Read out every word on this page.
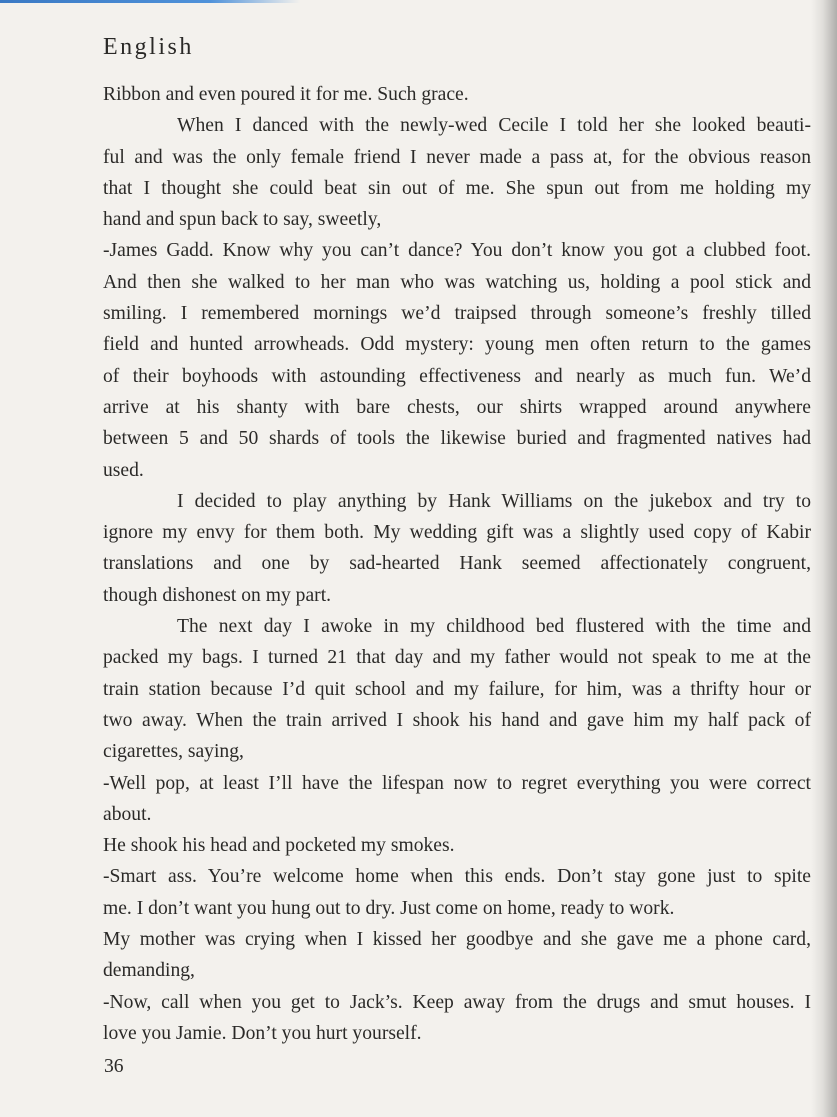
English
Ribbon and even poured it for me. Such grace.
When I danced with the newly-wed Cecile I told her she looked beauti-
ful and was the only female friend I never made a pass at, for the obvious reason
that I thought she could beat sin out of me. She spun out from me holding my
hand and spun back to say, sweetly,
-James Gadd. Know why you can’t dance? You don’t know you got a clubbed foot.
And then she walked to her man who was watching us, holding a pool stick and
smiling. I remembered mornings we’d traipsed through someone’s freshly tilled
field and hunted arrowheads. Odd mystery: young men often return to the games
of their boyhoods with astounding effectiveness and nearly as much fun. We’d
arrive at his shanty with bare chests, our shirts wrapped around anywhere
between 5 and 50 shards of tools the likewise buried and fragmented natives had
used.
I decided to play anything by Hank Williams on the jukebox and try to
ignore my envy for them both. My wedding gift was a slightly used copy of Kabir
translations and one by sad-hearted Hank seemed affectionately congruent,
though dishonest on my part.
The next day I awoke in my childhood bed flustered with the time and
packed my bags. I turned 21 that day and my father would not speak to me at the
train station because I’d quit school and my failure, for him, was a thrifty hour or
two away. When the train arrived I shook his hand and gave him my half pack of
cigarettes, saying,
-Well pop, at least I’ll have the lifespan now to regret everything you were correct
about.
He shook his head and pocketed my smokes.
-Smart ass. You’re welcome home when this ends. Don’t stay gone just to spite
me. I don’t want you hung out to dry. Just come on home, ready to work.
My mother was crying when I kissed her goodbye and she gave me a phone card,
demanding,
-Now, call when you get to Jack’s. Keep away from the drugs and smut houses. I
love you Jamie. Don’t you hurt yourself.
36
